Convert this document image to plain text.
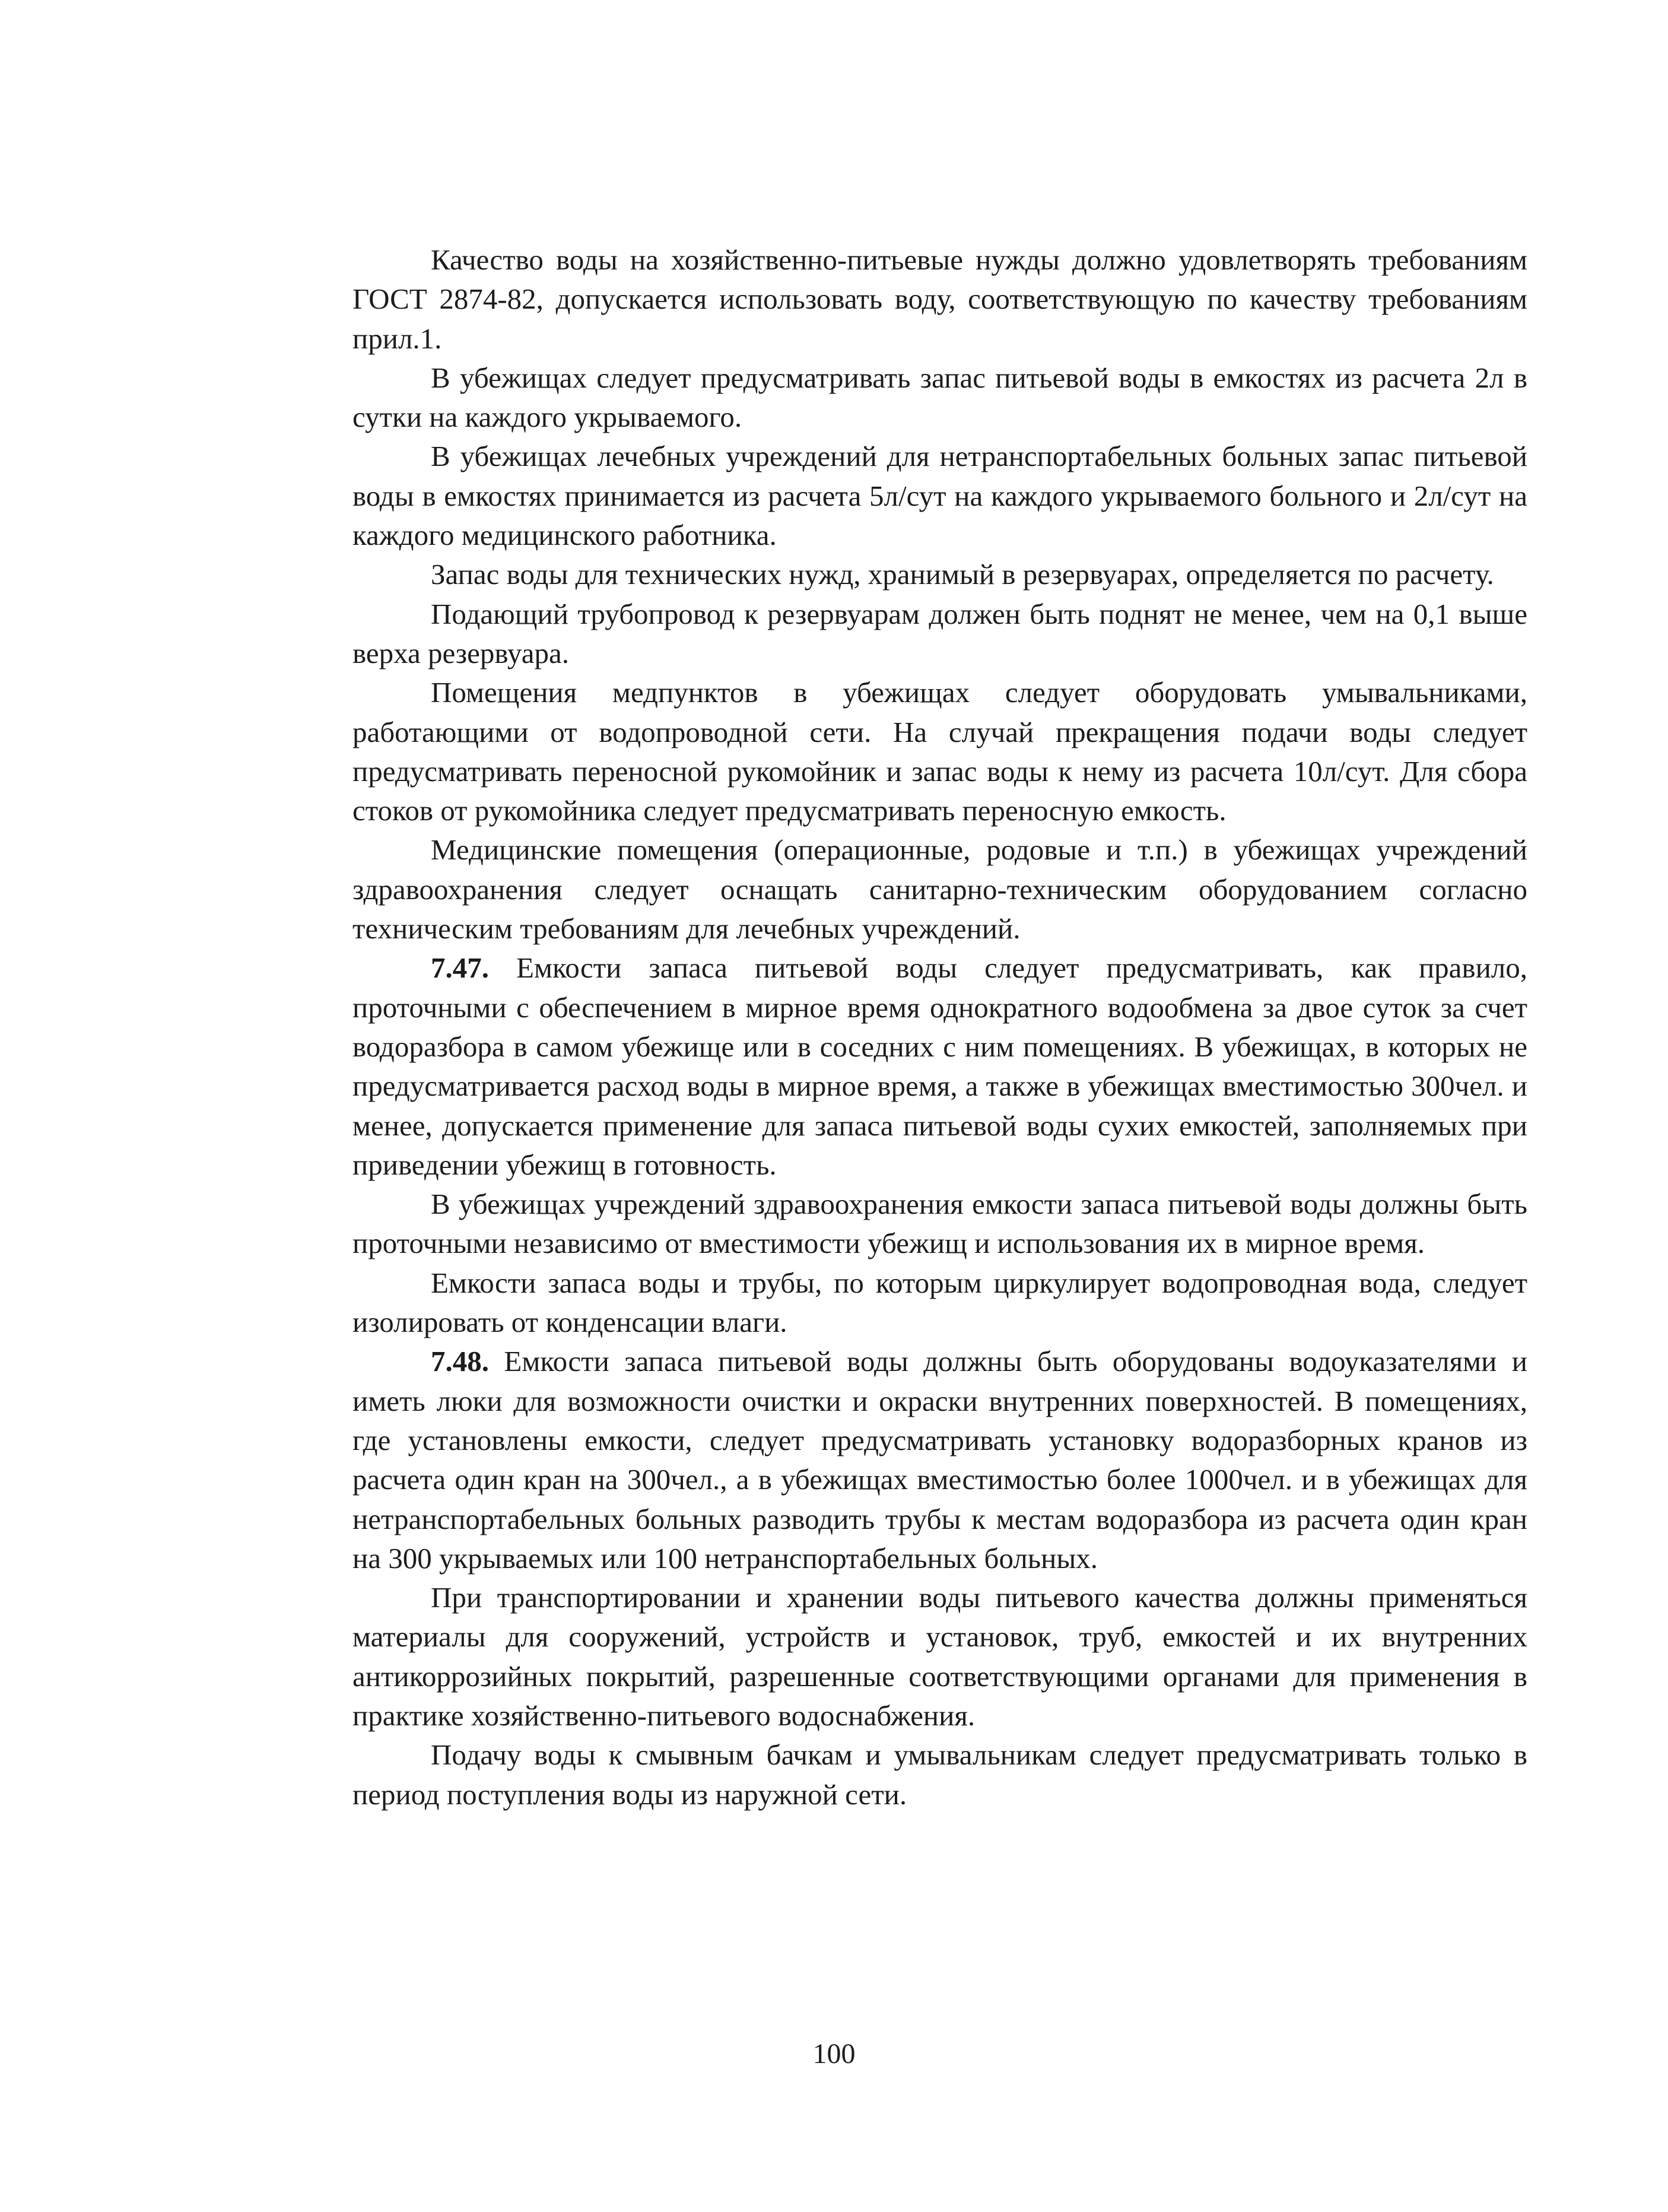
Качество воды на хозяйственно-питьевые нужды должно удовлетворять требованиям ГОСТ 2874-82, допускается использовать воду, соответствующую по качеству требованиям прил.1.

В убежищах следует предусматривать запас питьевой воды в емкостях из расчета 2л в сутки на каждого укрываемого.

В убежищах лечебных учреждений для нетранспортабельных больных запас питьевой воды в емкостях принимается из расчета 5л/сут на каждого укрываемого больного и 2л/сут на каждого медицинского работника.

Запас воды для технических нужд, хранимый в резервуарах, определяется по расчету.

Подающий трубопровод к резервуарам должен быть поднят не менее, чем на 0,1 выше верха резервуара.

Помещения медпунктов в убежищах следует оборудовать умывальниками, работающими от водопроводной сети. На случай прекращения подачи воды следует предусматривать переносной рукомойник и запас воды к нему из расчета 10л/сут. Для сбора стоков от рукомойника следует предусматривать переносную емкость.

Медицинские помещения (операционные, родовые и т.п.) в убежищах учреждений здравоохранения следует оснащать санитарно-техническим оборудованием согласно техническим требованиям для лечебных учреждений.

7.47. Емкости запаса питьевой воды следует предусматривать, как правило, проточными с обеспечением в мирное время однократного водообмена за двое суток за счет водоразбора в самом убежище или в соседних с ним помещениях. В убежищах, в которых не предусматривается расход воды в мирное время, а также в убежищах вместимостью 300чел. и менее, допускается применение для запаса питьевой воды сухих емкостей, заполняемых при приведении убежищ в готовность.

В убежищах учреждений здравоохранения емкости запаса питьевой воды должны быть проточными независимо от вместимости убежищ и использования их в мирное время.

Емкости запаса воды и трубы, по которым циркулирует водопроводная вода, следует изолировать от конденсации влаги.

7.48. Емкости запаса питьевой воды должны быть оборудованы водоуказателями и иметь люки для возможности очистки и окраски внутренних поверхностей. В помещениях, где установлены емкости, следует предусматривать установку водоразборных кранов из расчета один кран на 300чел., а в убежищах вместимостью более 1000чел. и в убежищах для нетранспортабельных больных разводить трубы к местам водоразбора из расчета один кран на 300 укрываемых или 100 нетранспортабельных больных.

При транспортировании и хранении воды питьевого качества должны применяться материалы для сооружений, устройств и установок, труб, емкостей и их внутренних антикоррозийных покрытий, разрешенные соответствующими органами для применения в практике хозяйственно-питьевого водоснабжения.

Подачу воды к смывным бачкам и умывальникам следует предусматривать только в период поступления воды из наружной сети.

100
